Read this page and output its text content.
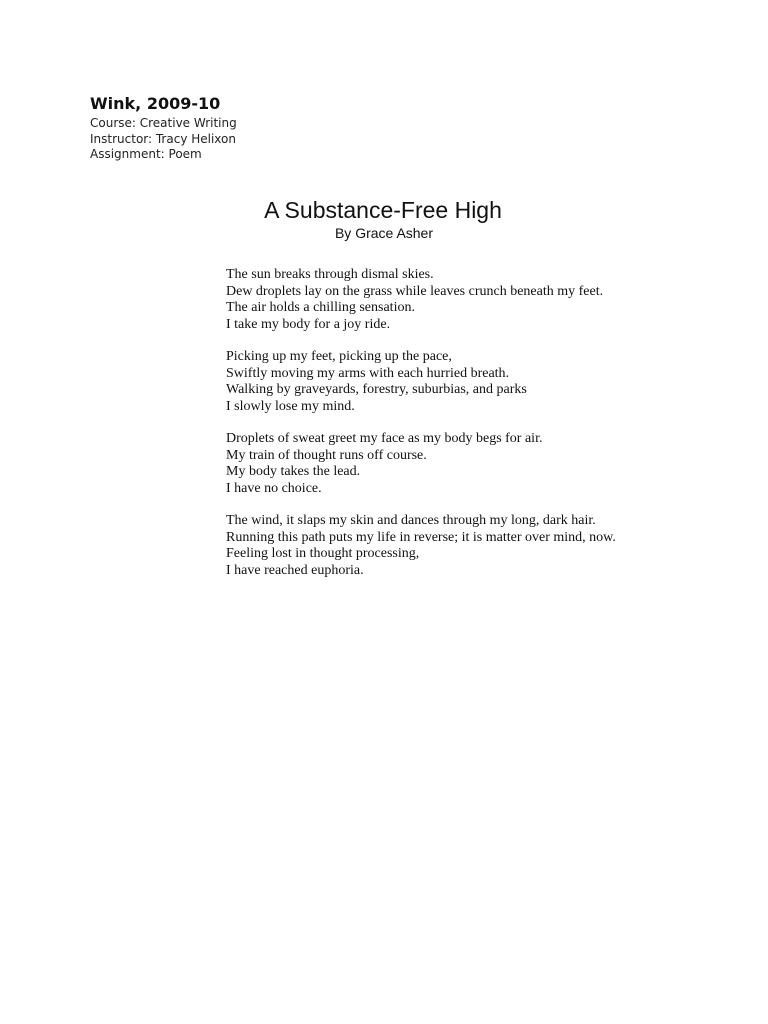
Wink, 2009-10
Course: Creative Writing
Instructor: Tracy Helixon
Assignment: Poem
A Substance-Free High
By Grace Asher
The sun breaks through dismal skies.
Dew droplets lay on the grass while leaves crunch beneath my feet.
The air holds a chilling sensation.
I take my body for a joy ride.
Picking up my feet, picking up the pace,
Swiftly moving my arms with each hurried breath.
Walking by graveyards, forestry, suburbias, and parks
I slowly lose my mind.
Droplets of sweat greet my face as my body begs for air.
My train of thought runs off course.
My body takes the lead.
I have no choice.
The wind, it slaps my skin and dances through my long, dark hair.
Running this path puts my life in reverse; it is matter over mind, now.
Feeling lost in thought processing,
I have reached euphoria.
